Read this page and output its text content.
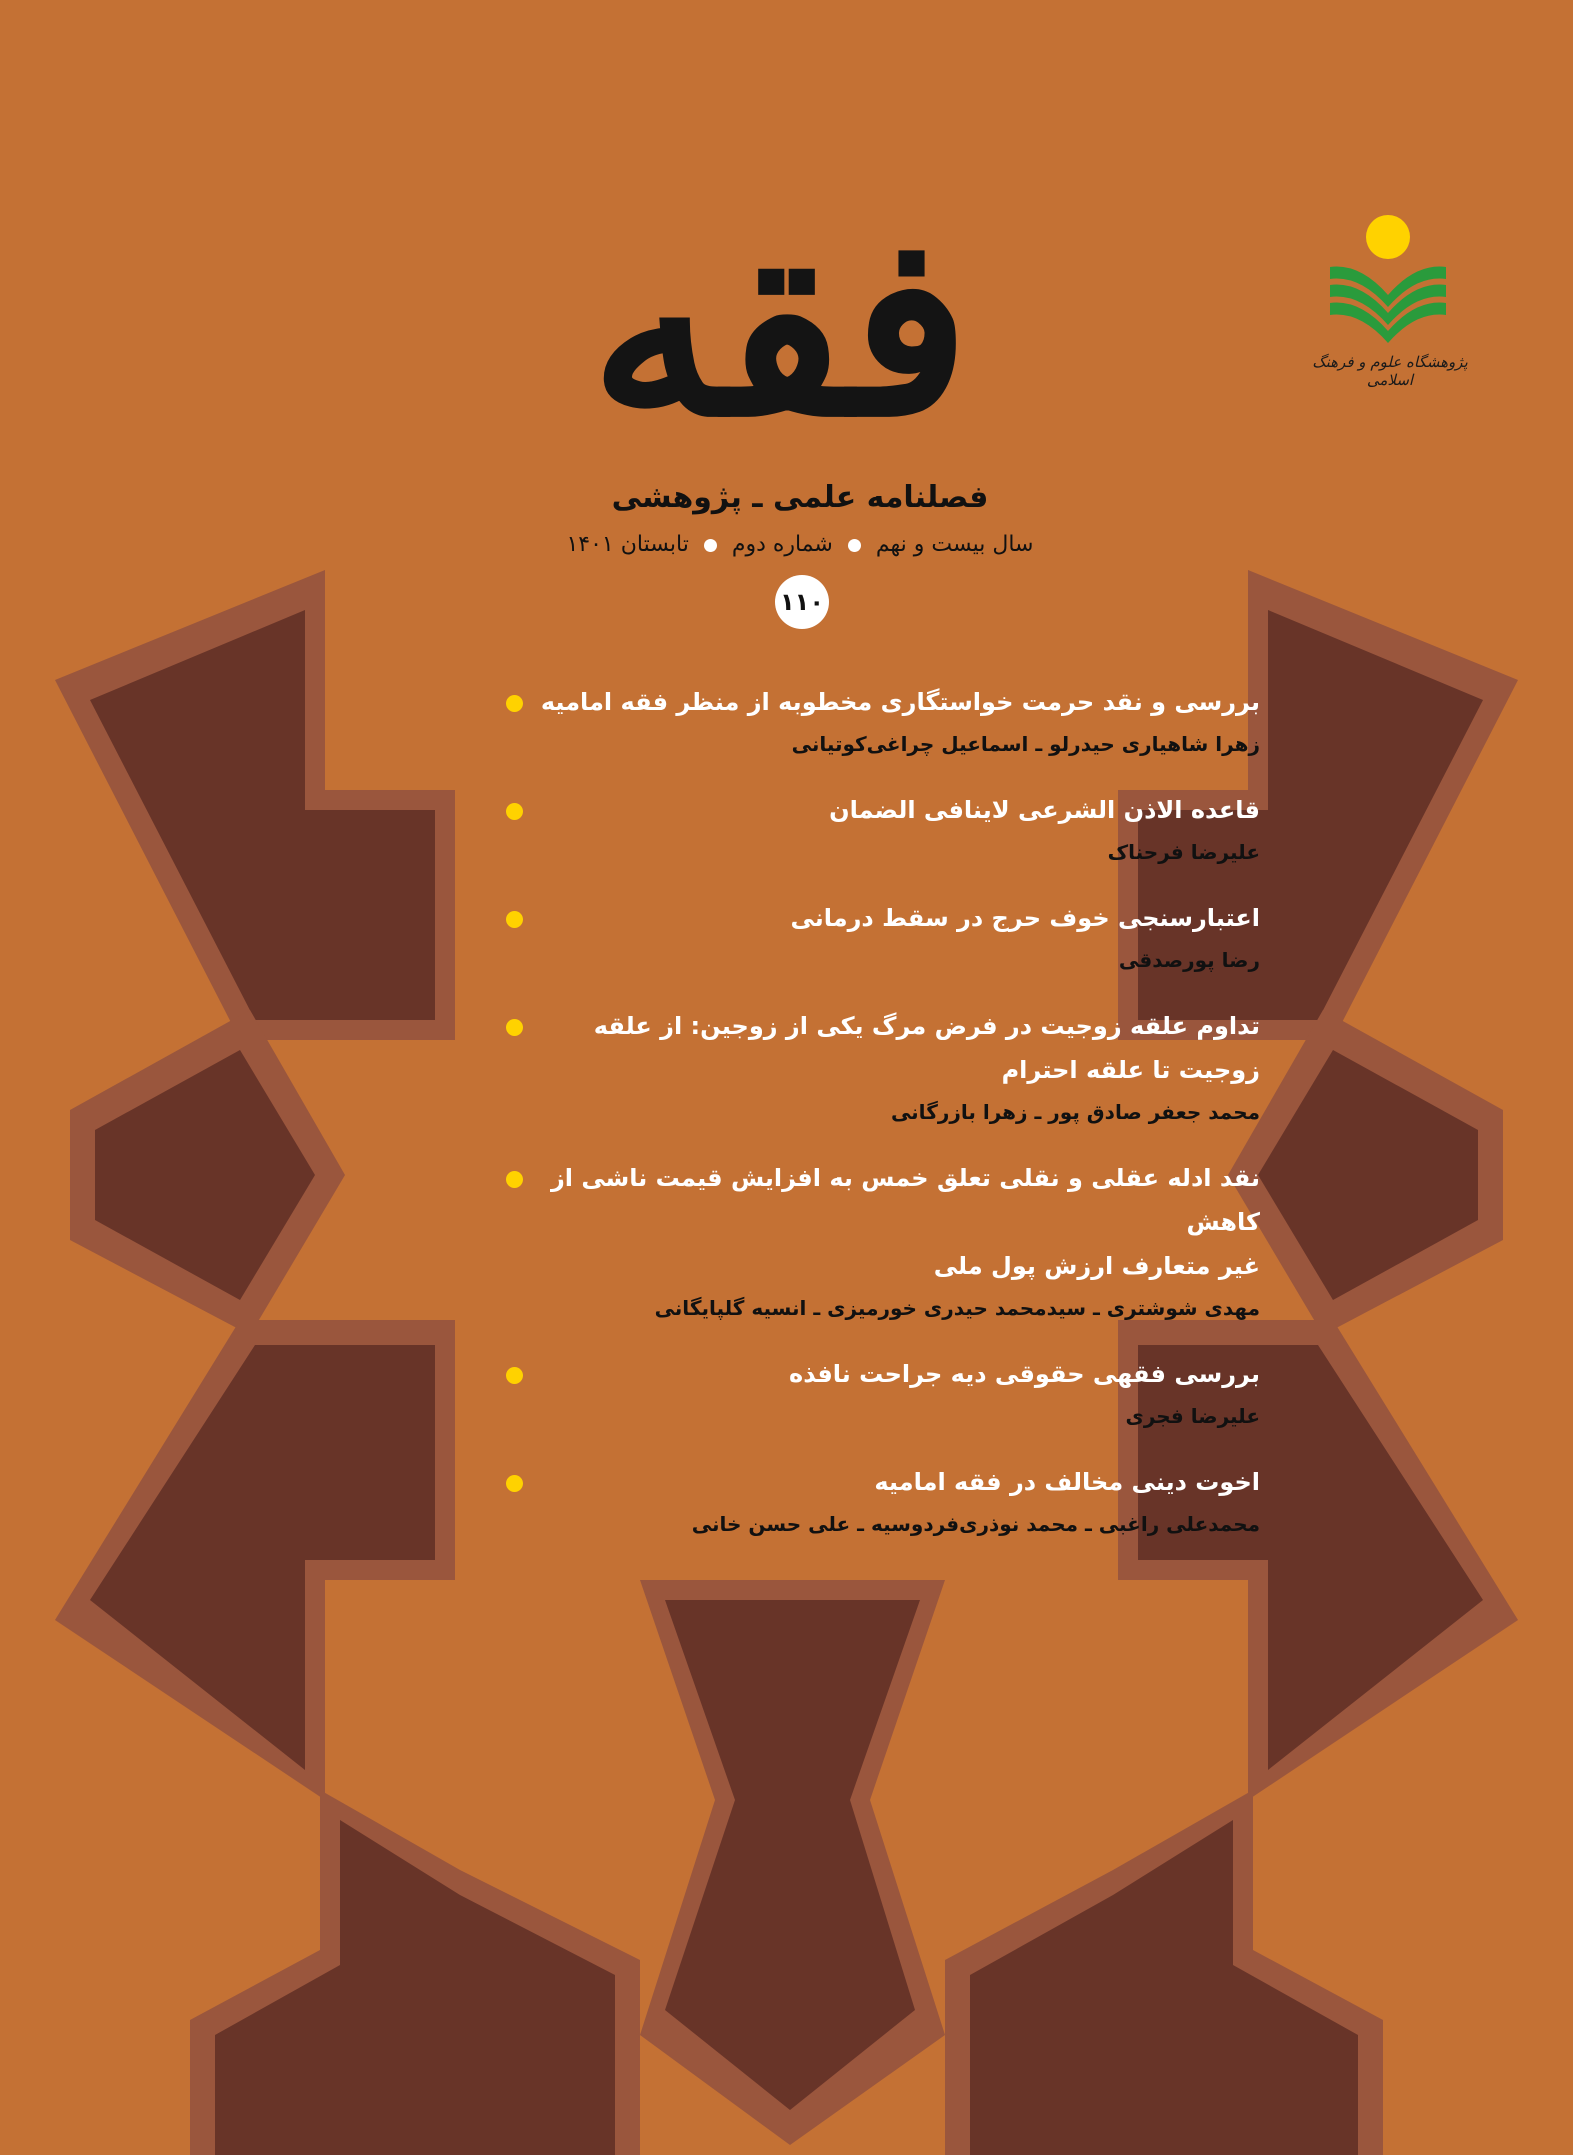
پژوهشگاه علوم و فرهنگ اسلامی
فقه
فصلنامه علمی ـ پژوهشی
سال بیست و نهم  شماره دوم  تابستان ۱۴۰۱
۱۱۰
بررسی و نقد حرمت خواستگاری مخطوبه از منظر فقه امامیه
زهرا شاهیاری حیدرلو ـ اسماعیل چراغی‌کوتیانی
قاعده الاذن الشرعی لاینافی الضمان
علیرضا فرحناک
اعتبارسنجی خوف حرج در سقط درمانی
رضا پورصدقی
تداوم علقه زوجیت در فرض مرگ یکی از زوجین: از علقه زوجیت تا علقه احترام
محمد جعفر صادق پور ـ زهرا بازرگانی
نقد ادله عقلی و نقلی تعلق خمس به افزایش قیمت ناشی از کاهش
غیر متعارف ارزش پول ملی
مهدی شوشتری ـ سیدمحمد حیدری خورمیزی ـ انسیه گلپایگانی
بررسی فقهی حقوقی دیه جراحت نافذه
علیرضا فجری
اخوت دینی مخالف در فقه امامیه
محمدعلی راغبی ـ محمد نوذری‌فردوسیه ـ علی حسن خانی
